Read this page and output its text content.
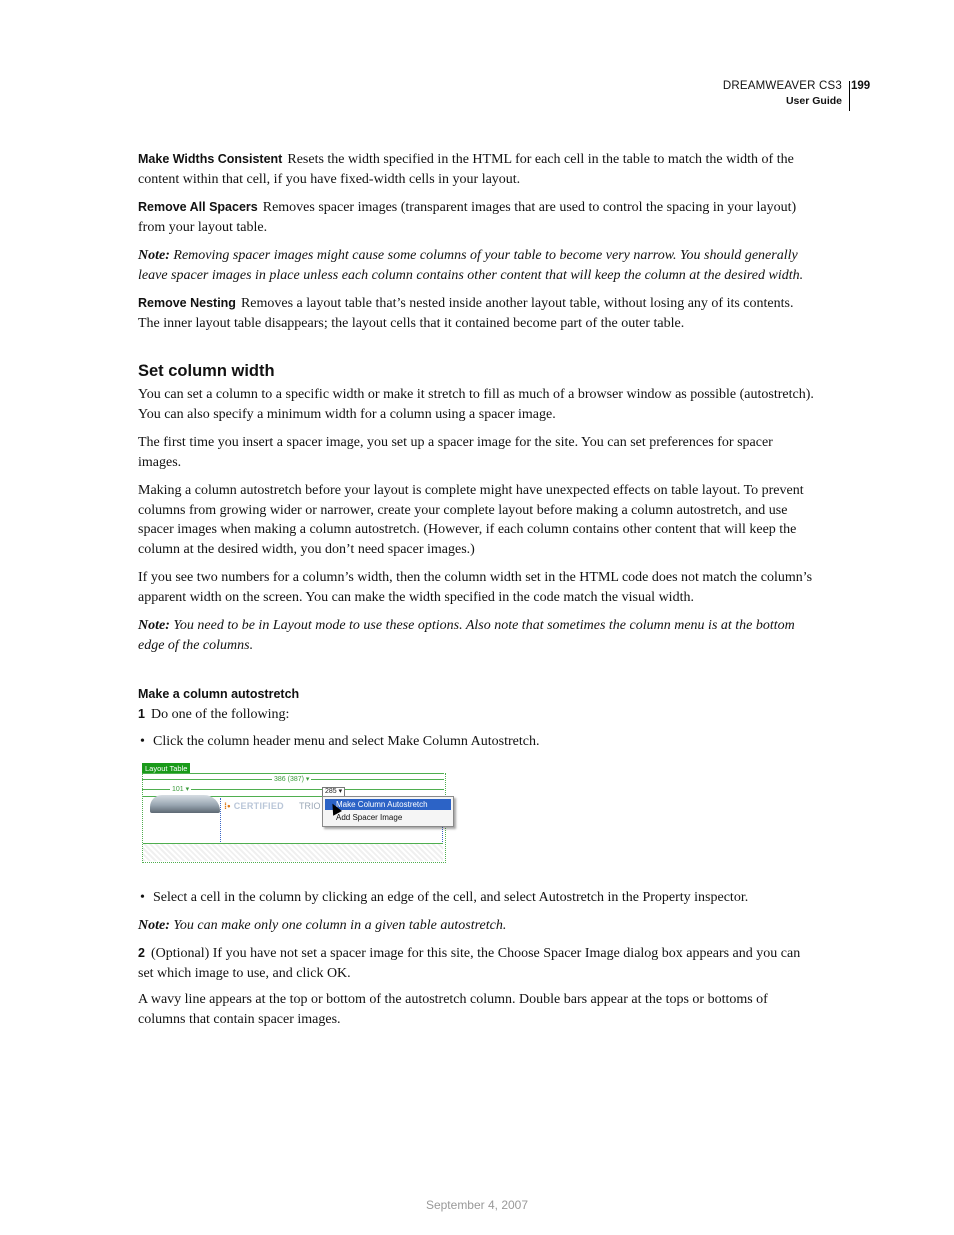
DREAMWEAVER CS3
User Guide
199

Make Widths Consistent Resets the width specified in the HTML for each cell in the table to match the width of the content within that cell, if you have fixed-width cells in your layout.

Remove All Spacers Removes spacer images (transparent images that are used to control the spacing in your layout) from your layout table.

Note: Removing spacer images might cause some columns of your table to become very narrow. You should generally leave spacer images in place unless each column contains other content that will keep the column at the desired width.

Remove Nesting Removes a layout table that’s nested inside another layout table, without losing any of its contents. The inner layout table disappears; the layout cells that it contained become part of the outer table.

Set column width

You can set a column to a specific width or make it stretch to fill as much of a browser window as possible (autostretch). You can also specify a minimum width for a column using a spacer image.

The first time you insert a spacer image, you set up a spacer image for the site. You can set preferences for spacer images.

Making a column autostretch before your layout is complete might have unexpected effects on table layout. To prevent columns from growing wider or narrower, create your complete layout before making a column autostretch, and use spacer images when making a column autostretch. (However, if each column contains other content that will keep the column at the desired width, you don’t need spacer images.)

If you see two numbers for a column’s width, then the column width set in the HTML code does not match the column’s apparent width on the screen. You can make the width specified in the code match the visual width.

Note: You need to be in Layout mode to use these options. Also note that sometimes the column menu is at the bottom edge of the columns.

Make a column autostretch

1 Do one of the following:

• Click the column header menu and select Make Column Autostretch.
Layout Table
386 (387) ▾
101 ▾	285 ▾
⁞• CERTIFIED TRIO	Make Column Autostretch
Add Spacer Image
• Select a cell in the column by clicking an edge of the cell, and select Autostretch in the Property inspector.

Note: You can make only one column in a given table autostretch.

2 (Optional) If you have not set a spacer image for this site, the Choose Spacer Image dialog box appears and you can set which image to use, and click OK.

A wavy line appears at the top or bottom of the autostretch column. Double bars appear at the tops or bottoms of columns that contain spacer images.

September 4, 2007
